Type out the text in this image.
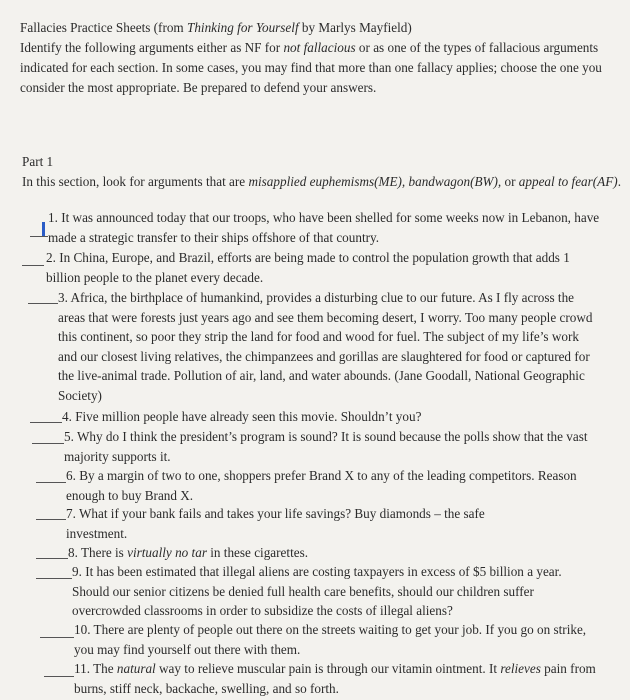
Fallacies Practice Sheets (from Thinking for Yourself by Marlys Mayfield)
Identify the following arguments either as NF for not fallacious or as one of the types of fallacious arguments indicated for each section. In some cases, you may find that more than one fallacy applies; choose the one you consider the most appropriate. Be prepared to defend your answers.
Part 1
In this section, look for arguments that are misapplied euphemisms(ME), bandwagon(BW), or appeal to fear(AF).
1. It was announced today that our troops, who have been shelled for some weeks now in Lebanon, have made a strategic transfer to their ships offshore of that country.
2. In China, Europe, and Brazil, efforts are being made to control the population growth that adds 1 billion people to the planet every decade.
3. Africa, the birthplace of humankind, provides a disturbing clue to our future. As I fly across the areas that were forests just years ago and see them becoming desert, I worry. Too many people crowd this continent, so poor they strip the land for food and wood for fuel. The subject of my life’s work and our closest living relatives, the chimpanzees and gorillas are slaughtered for food or captured for the live-animal trade. Pollution of air, land, and water abounds. (Jane Goodall, National Geographic Society)
4. Five million people have already seen this movie. Shouldn’t you?
5. Why do I think the president’s program is sound? It is sound because the polls show that the vast majority supports it.
6. By a margin of two to one, shoppers prefer Brand X to any of the leading competitors. Reason enough to buy Brand X.
7. What if your bank fails and takes your life savings? Buy diamonds – the safe investment.
8. There is virtually no tar in these cigarettes.
9. It has been estimated that illegal aliens are costing taxpayers in excess of $5 billion a year. Should our senior citizens be denied full health care benefits, should our children suffer overcrowded classrooms in order to subsidize the costs of illegal aliens?
10. There are plenty of people out there on the streets waiting to get your job. If you go on strike, you may find yourself out there with them.
11. The natural way to relieve muscular pain is through our vitamin ointment. It relieves pain from burns, stiff neck, backache, swelling, and so forth.
